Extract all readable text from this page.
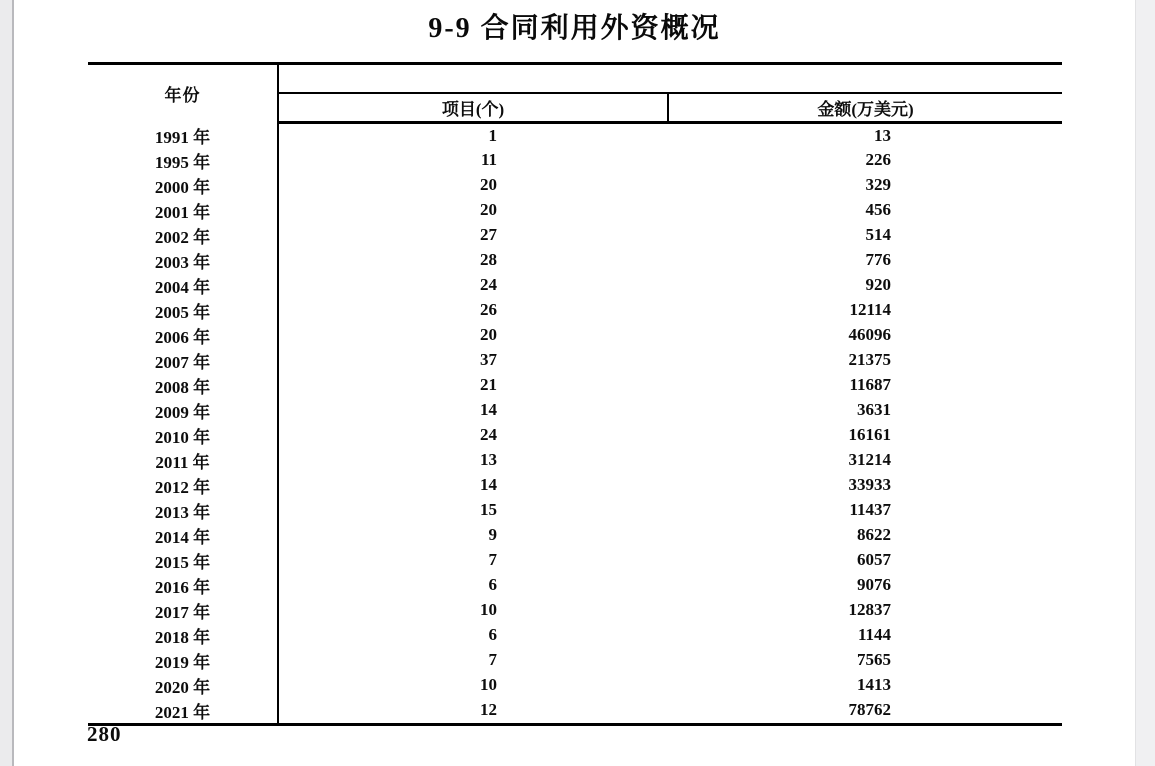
9-9 合同利用外资概况
年份		
	项目(个)	金额(万美元)
1991 年	1	13
1995 年	11	226
2000 年	20	329
2001 年	20	456
2002 年	27	514
2003 年	28	776
2004 年	24	920
2005 年	26	12114
2006 年	20	46096
2007 年	37	21375
2008 年	21	11687
2009 年	14	3631
2010 年	24	16161
2011 年	13	31214
2012 年	14	33933
2013 年	15	11437
2014 年	9	8622
2015 年	7	6057
2016 年	6	9076
2017 年	10	12837
2018 年	6	1144
2019 年	7	7565
2020 年	10	1413
2021 年	12	78762
280
